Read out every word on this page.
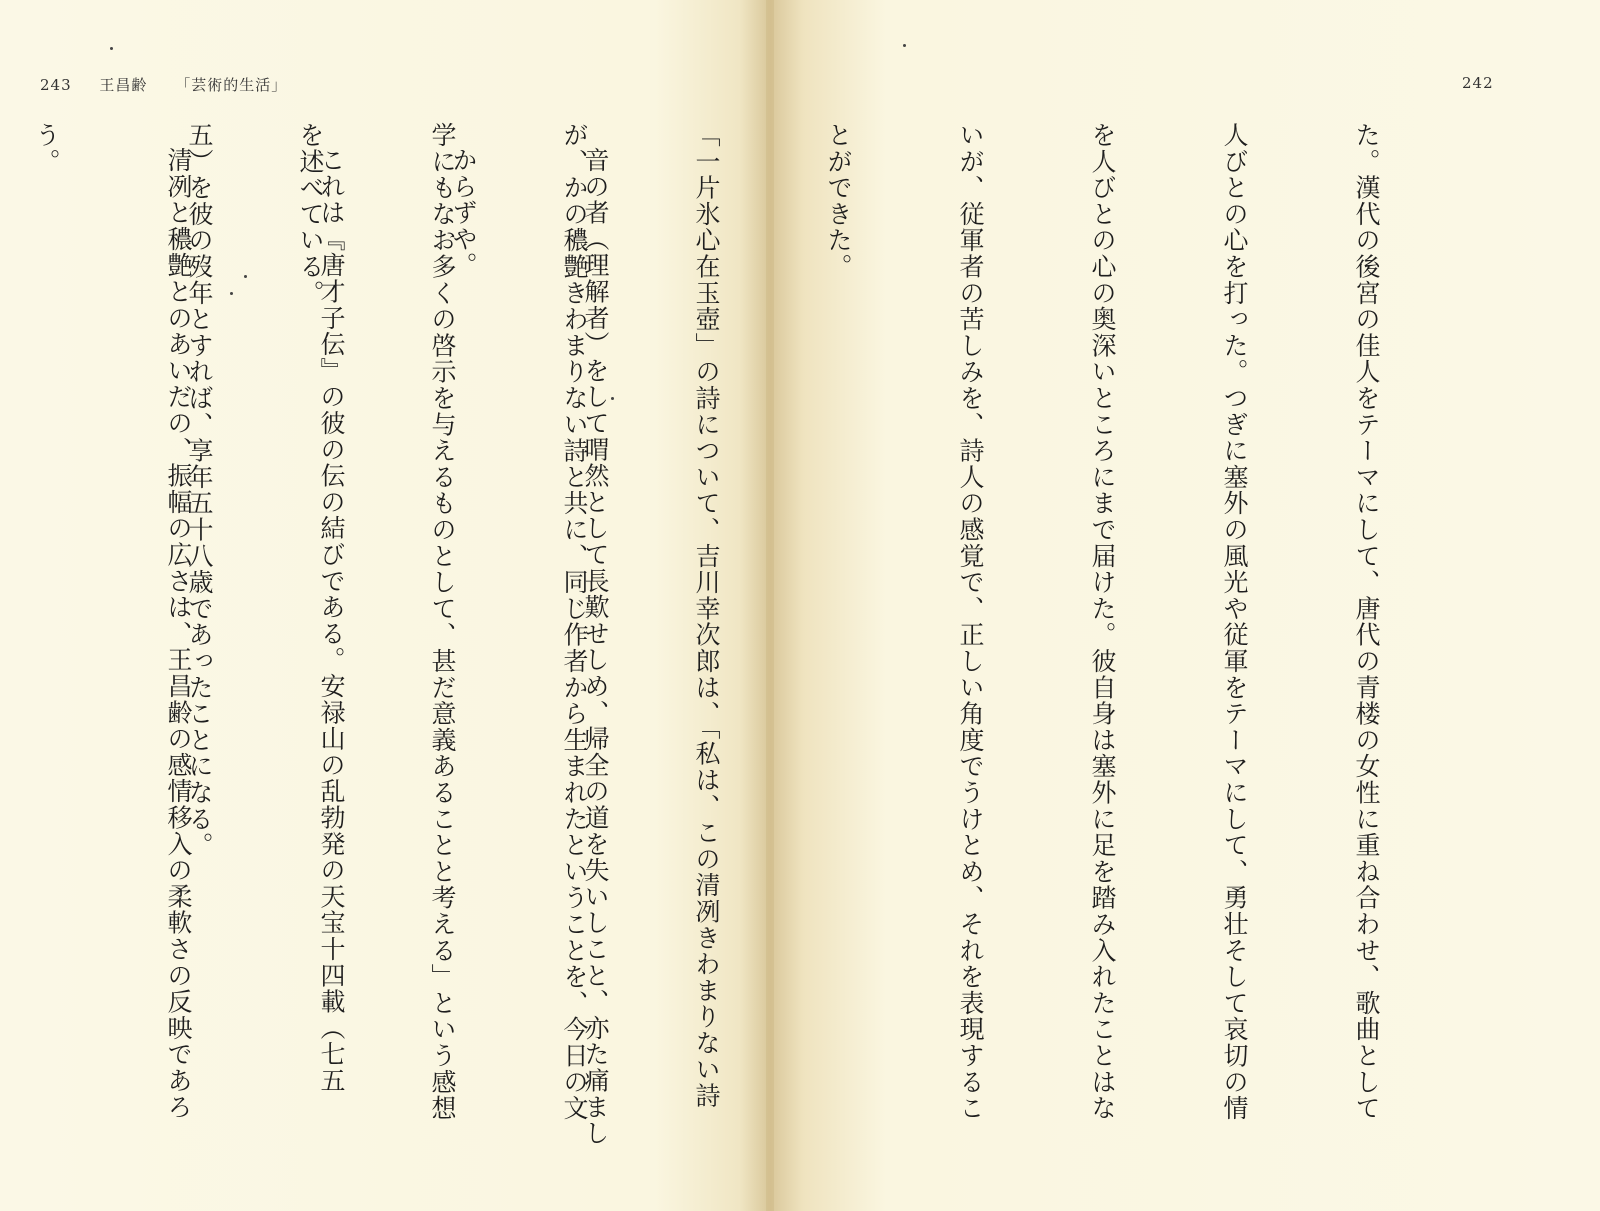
243 王昌齢 「芸術的生活」	242

た。漢代の後宮の佳人をテーマにして、唐代の青楼の女性に重ね合わせ、歌曲として

人びとの心を打った。つぎに塞外の風光や従軍をテーマにして、勇壮そして哀切の情

を人びとの心の奥深いところにまで届けた。彼自身は塞外に足を踏み入れたことはな

いが、従軍者の苦しみを、詩人の感覚で、正しい角度でうけとめ、それを表現するこ

とができた。

「一片氷心在玉壺」の詩について、吉川幸次郎は、「私は、この清冽きわまりない詩

が、かの穠艶きわまりない詩と共に、同じ作者から生まれたということを、今日の文

学にもなお多くの啓示を与えるものとして、甚だ意義あることと考える」という感想

を述べている。

清冽と穠艶とのあいだの、振幅の広さは、王昌齢の感情移入の柔軟さの反映であろ

う。

	音の者（理解者）をして喟然として長歎せしめ、帰全の道を失いしこと、亦た痛まし

からずや。

これは『唐才子伝』の彼の伝の結びである。安禄山の乱勃発の天宝十四載（七五

五）を彼の歿年とすれば、享年五十八歳であったことになる。
